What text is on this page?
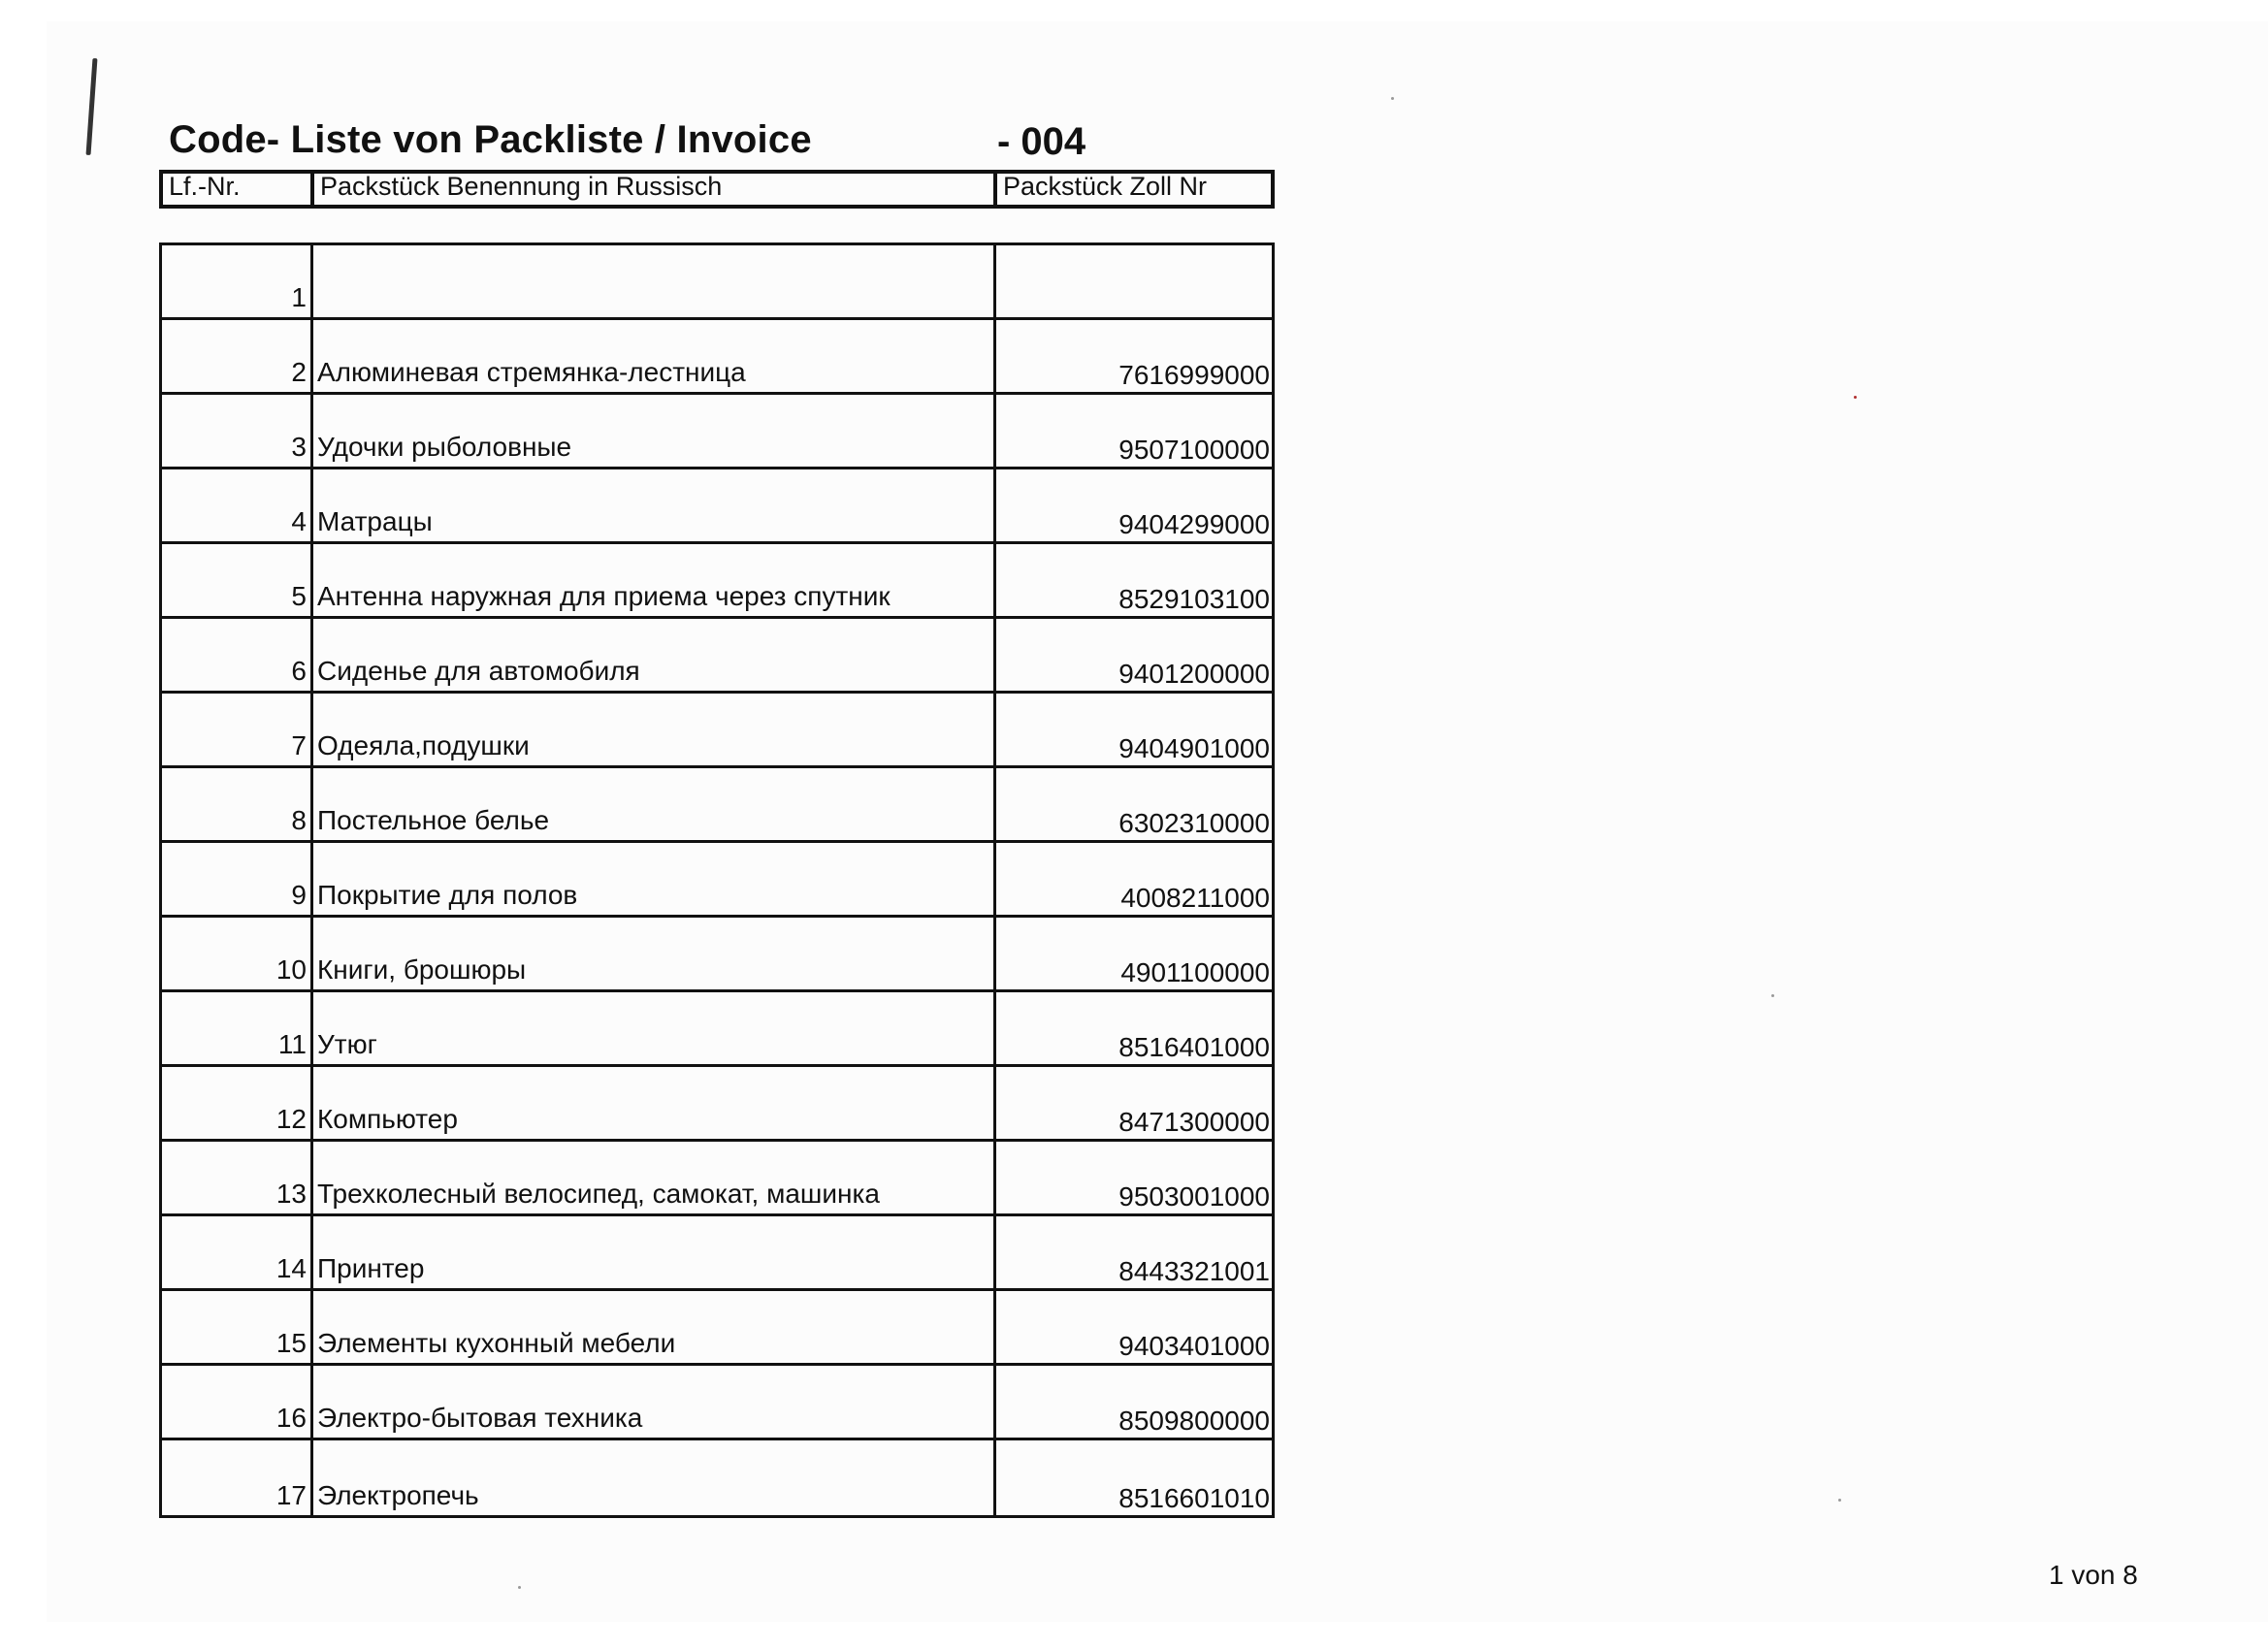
Code- Liste von Packliste / Invoice	- 004
Lf.-Nr.	Packstück Benennung in Russisch	Packstück Zoll Nr
1
2 Алюминевая стремянка-лестница	7616999000
3 Удочки рыболовные	9507100000
4 Матрацы	9404299000
5 Антенна наружная для приема через спутник	8529103100
6 Сиденье для автомобиля	9401200000
7 Одеяла,подушки	9404901000
8 Постельное белье	6302310000
9 Покрытие для полов	4008211000
10 Книги, брошюры	4901100000
11 Утюг	8516401000
12 Компьютер	8471300000
13 Трехколесный велосипед, самокат, машинка	9503001000
14 Принтер	8443321001
15 Элементы кухонный мебели	9403401000
16 Электро-бытовая техника	8509800000
17 Электропечь	8516601010
1 von 8
